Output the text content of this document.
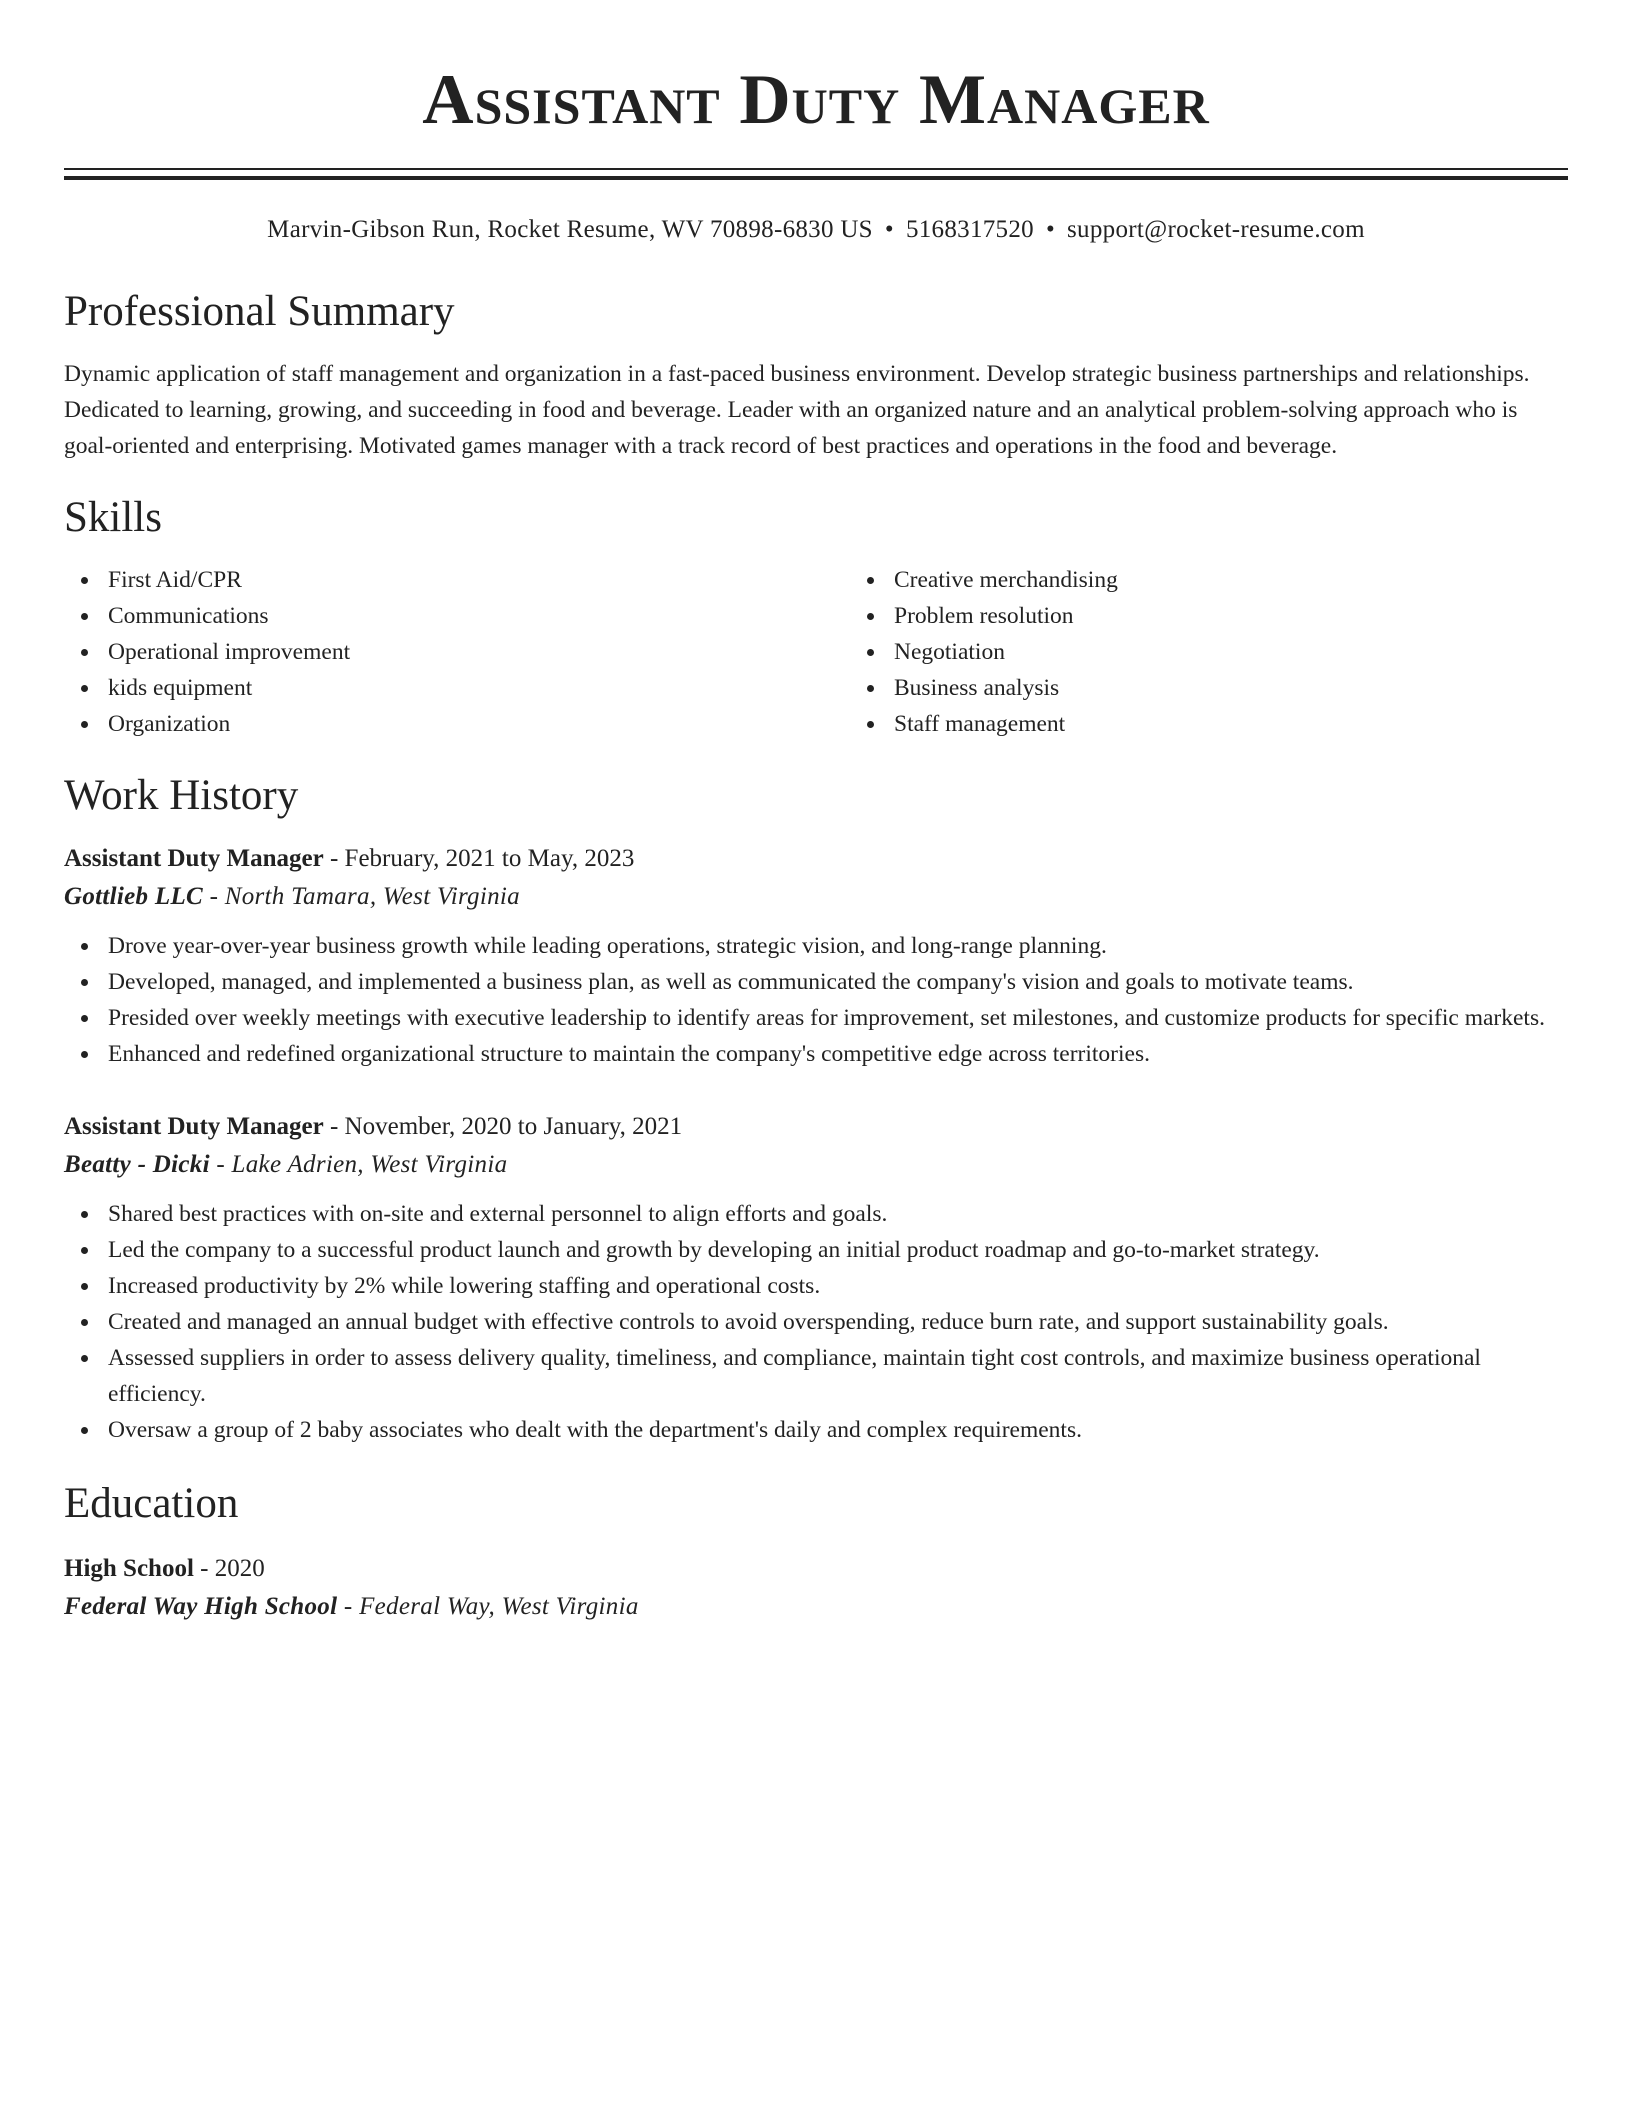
Assistant Duty Manager
Marvin-Gibson Run, Rocket Resume, WV 70898-6830 US • 5168317520 • support@rocket-resume.com
Professional Summary
Dynamic application of staff management and organization in a fast-paced business environment. Develop strategic business partnerships and relationships. Dedicated to learning, growing, and succeeding in food and beverage. Leader with an organized nature and an analytical problem-solving approach who is goal-oriented and enterprising. Motivated games manager with a track record of best practices and operations in the food and beverage.
Skills
First Aid/CPR
Communications
Operational improvement
kids equipment
Organization
Creative merchandising
Problem resolution
Negotiation
Business analysis
Staff management
Work History
Assistant Duty Manager - February, 2021 to May, 2023
Gottlieb LLC - North Tamara, West Virginia
Drove year-over-year business growth while leading operations, strategic vision, and long-range planning.
Developed, managed, and implemented a business plan, as well as communicated the company's vision and goals to motivate teams.
Presided over weekly meetings with executive leadership to identify areas for improvement, set milestones, and customize products for specific markets.
Enhanced and redefined organizational structure to maintain the company's competitive edge across territories.
Assistant Duty Manager - November, 2020 to January, 2021
Beatty - Dicki - Lake Adrien, West Virginia
Shared best practices with on-site and external personnel to align efforts and goals.
Led the company to a successful product launch and growth by developing an initial product roadmap and go-to-market strategy.
Increased productivity by 2% while lowering staffing and operational costs.
Created and managed an annual budget with effective controls to avoid overspending, reduce burn rate, and support sustainability goals.
Assessed suppliers in order to assess delivery quality, timeliness, and compliance, maintain tight cost controls, and maximize business operational efficiency.
Oversaw a group of 2 baby associates who dealt with the department's daily and complex requirements.
Education
High School - 2020
Federal Way High School - Federal Way, West Virginia
